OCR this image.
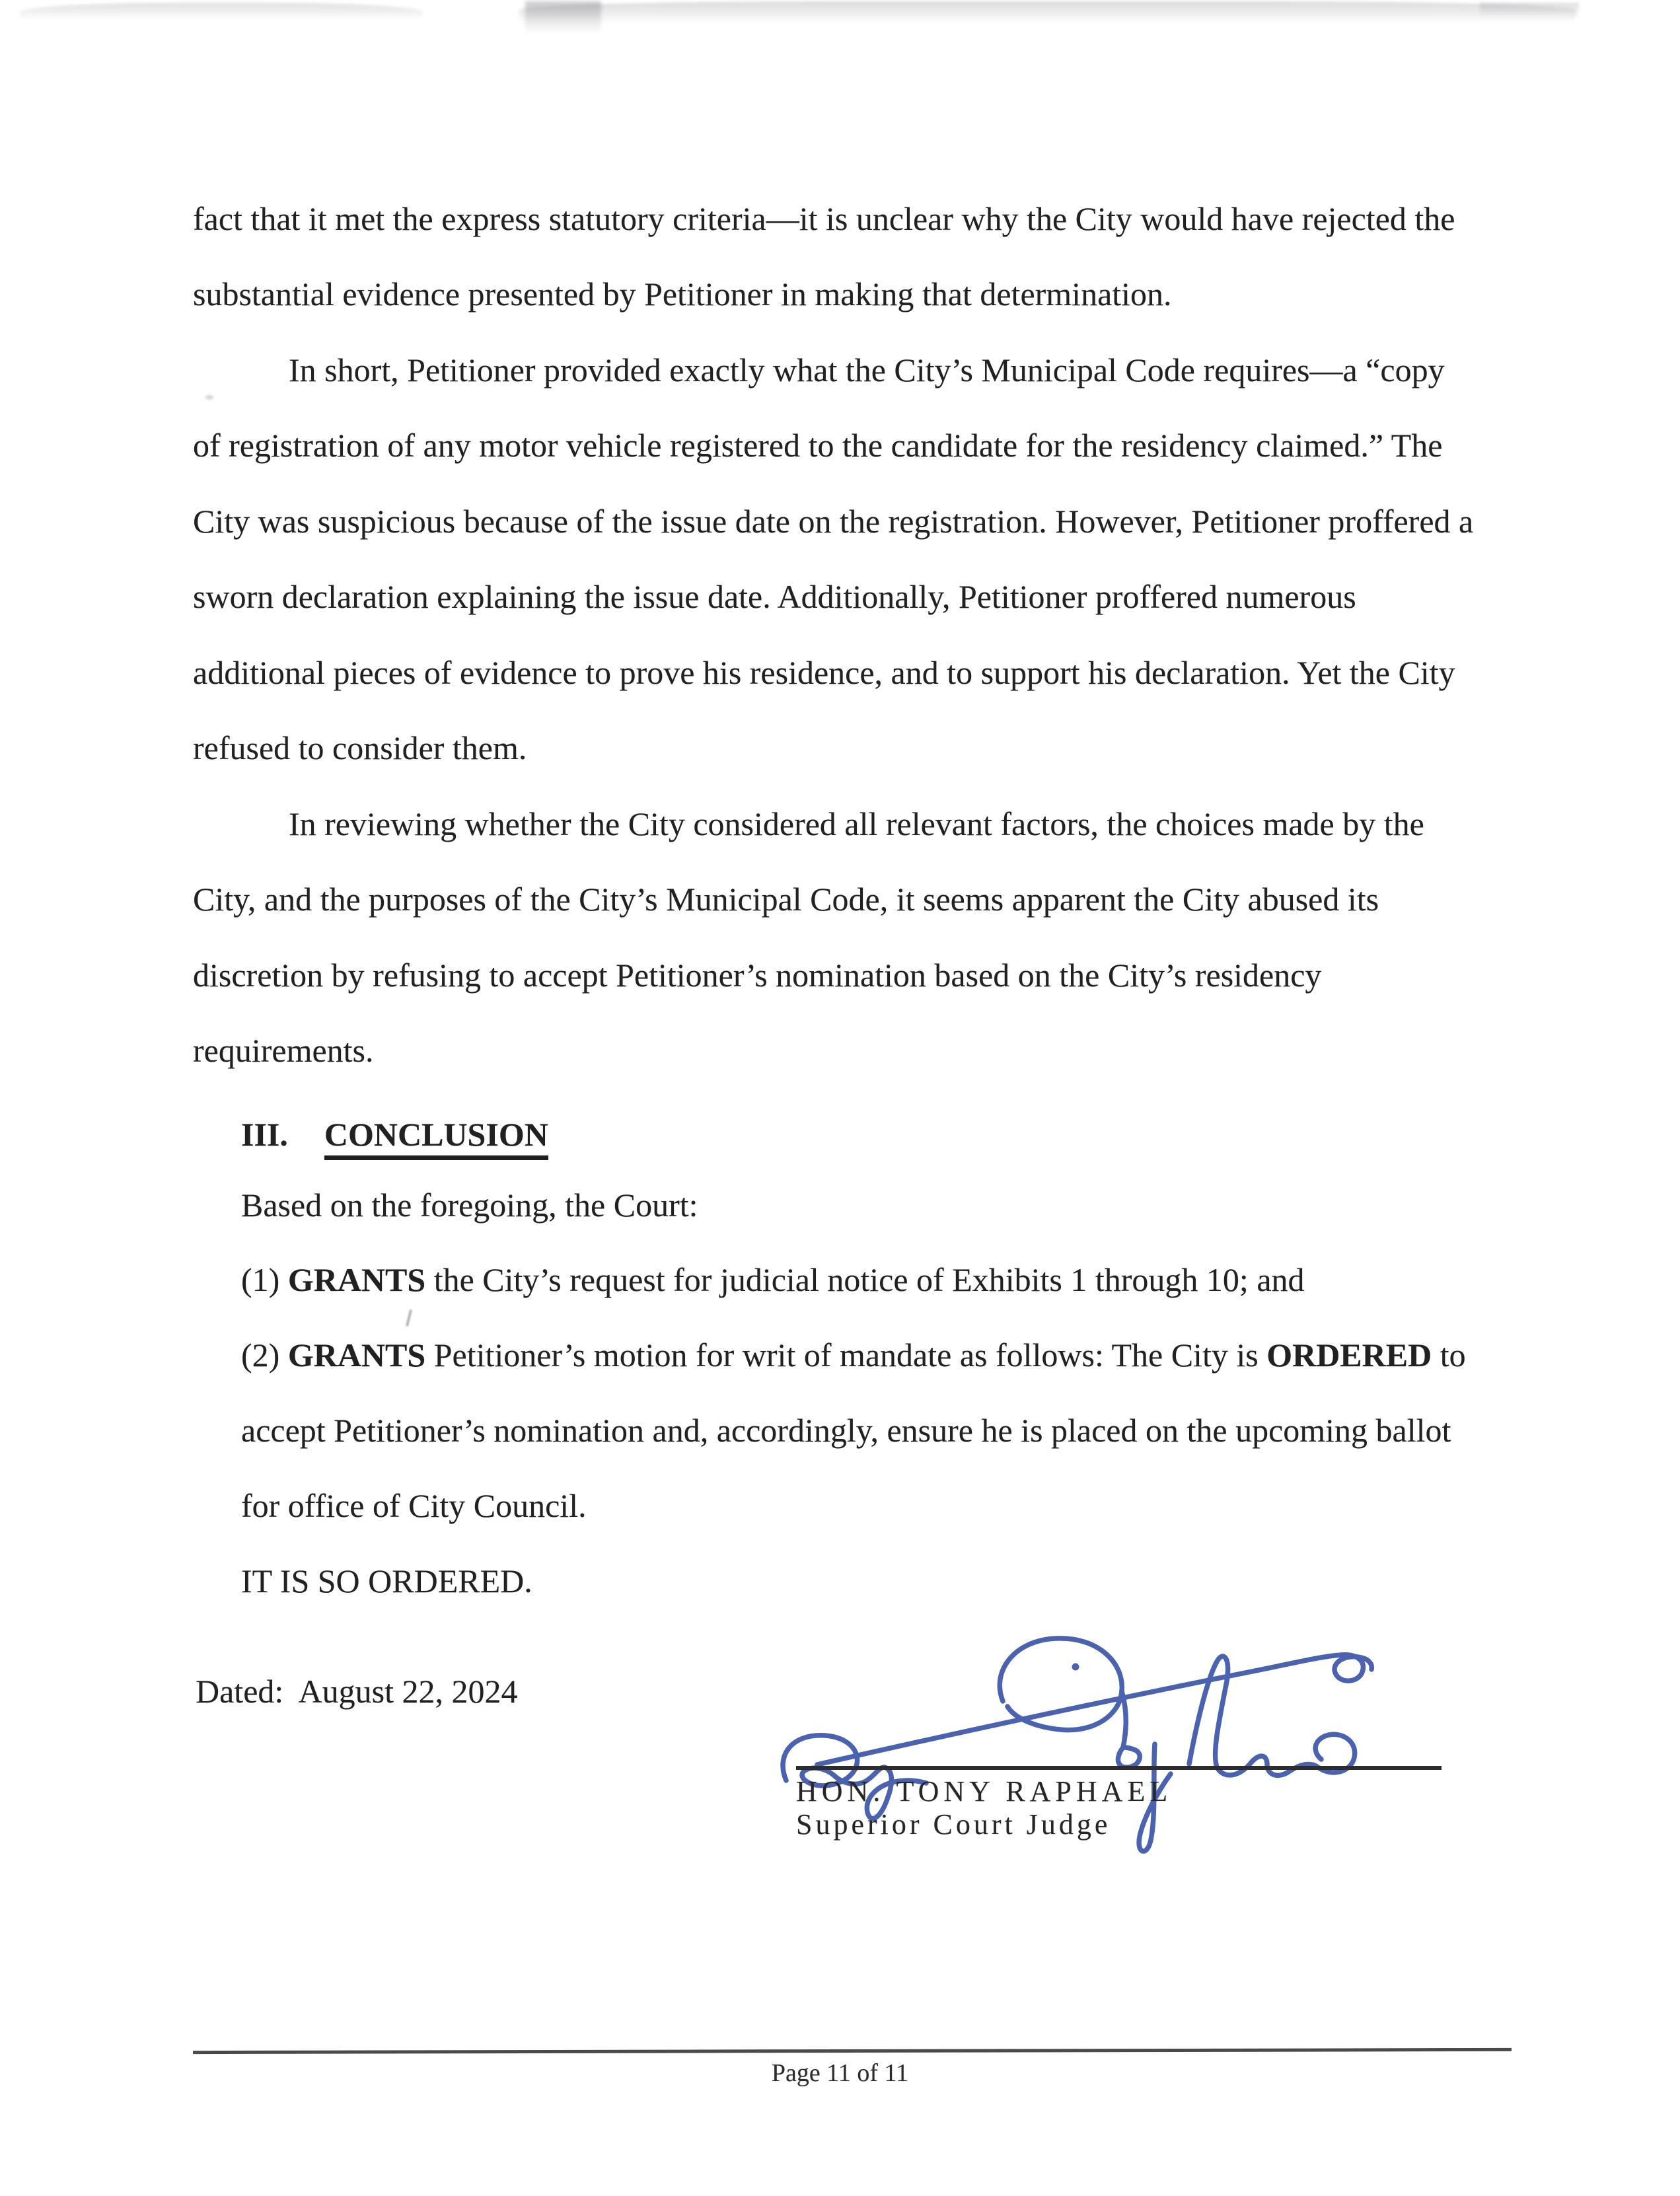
fact that it met the express statutory criteria—it is unclear why the City would have rejected the
substantial evidence presented by Petitioner in making that determination.
In short, Petitioner provided exactly what the City’s Municipal Code requires—a “copy
of registration of any motor vehicle registered to the candidate for the residency claimed.” The
City was suspicious because of the issue date on the registration. However, Petitioner proffered a
sworn declaration explaining the issue date. Additionally, Petitioner proffered numerous
additional pieces of evidence to prove his residence, and to support his declaration. Yet the City
refused to consider them.
In reviewing whether the City considered all relevant factors, the choices made by the
City, and the purposes of the City’s Municipal Code, it seems apparent the City abused its
discretion by refusing to accept Petitioner’s nomination based on the City’s residency
requirements.
III. CONCLUSION
Based on the foregoing, the Court:
(1) GRANTS the City’s request for judicial notice of Exhibits 1 through 10; and
(2) GRANTS Petitioner’s motion for writ of mandate as follows: The City is ORDERED to
accept Petitioner’s nomination and, accordingly, ensure he is placed on the upcoming ballot
for office of City Council.
IT IS SO ORDERED.
Dated:  August 22, 2024
HON. TONY RAPHAEL
Superior Court Judge
Page 11 of 11
